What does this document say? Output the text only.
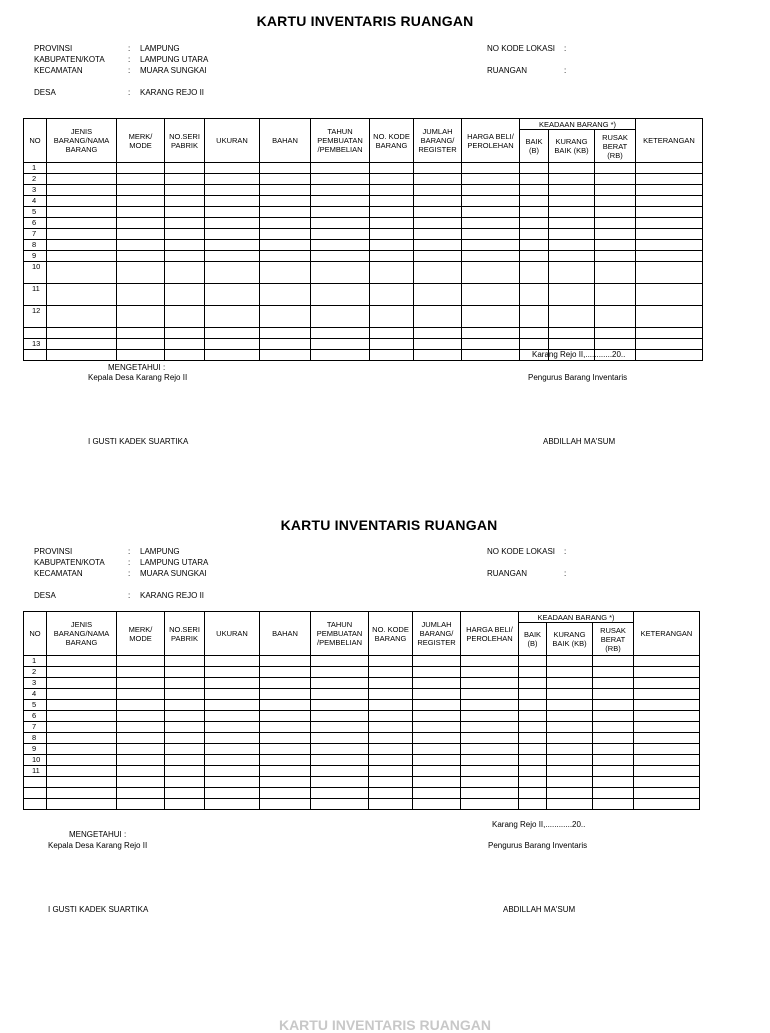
KARTU INVENTARIS RUANGAN
PROVINSI	: LAMPUNG
KABUPATEN/KOTA	: LAMPUNG UTARA
KECAMATAN	: MUARA SUNGKAI
DESA	: KARANG REJO II
NO KODE LOKASI :
RUANGAN	:
NO	JENIS BARANG/NAMA BARANG	MERK/ MODE	NO.SERI PABRIK	UKURAN	BAHAN	TAHUN PEMBUATAN /PEMBELIAN	NO. KODE BARANG	JUMLAH BARANG/ REGISTER	HARGA BELI/ PEROLEHAN	KEADAAN BARANG *)			KETERANGAN
										BAIK (B)	KURANG BAIK (KB)	RUSAK BERAT (RB)	
1													
2													
3													
4													
5													
6													
7													
8													
9													
10													
11													
12													

13													

Karang Rejo II,............20..
MENGETAHUI :
Kepala Desa Karang Rejo II	Pengurus Barang Inventaris
I GUSTI KADEK SUARTIKA	ABDILLAH MA'SUM
KARTU INVENTARIS RUANGAN
PROVINSI	: LAMPUNG
KABUPATEN/KOTA	: LAMPUNG UTARA
KECAMATAN	: MUARA SUNGKAI
DESA	: KARANG REJO II
NO KODE LOKASI :
RUANGAN	:
NO	JENIS BARANG/NAMA BARANG	MERK/ MODE	NO.SERI PABRIK	UKURAN	BAHAN	TAHUN PEMBUATAN /PEMBELIAN	NO. KODE BARANG	JUMLAH BARANG/ REGISTER	HARGA BELI/ PEROLEHAN	KEADAAN BARANG *)			KETERANGAN
										BAIK (B)	KURANG BAIK (KB)	RUSAK BERAT (RB)	
1													
2													
3													
4													
5													
6													
7													
8													
9													
10													
11													

Karang Rejo II,............20..
MENGETAHUI :
Kepala Desa Karang Rejo II	Pengurus Barang Inventaris
I GUSTI KADEK SUARTIKA	ABDILLAH MA'SUM
KARTU INVENTARIS RUANGAN
